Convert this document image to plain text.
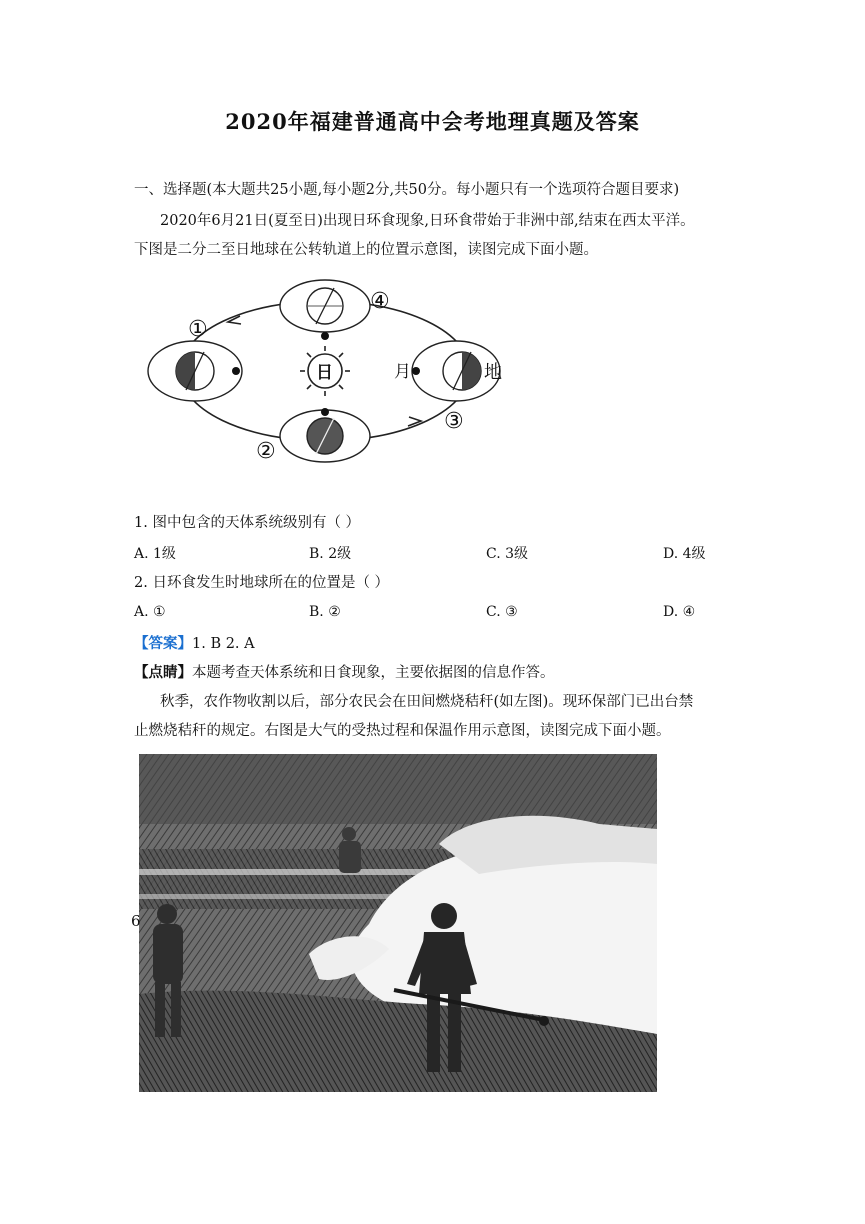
2020年福建普通高中会考地理真题及答案
一、选择题(本大题共25小题,每小题2分,共50分。每小题只有一个选项符合题目要求)
2020年6月21日(夏至日)出现日环食现象,日环食带始于非洲中部,结束在西太平洋。
下图是二分二至日地球在公转轨道上的位置示意图，读图完成下面小题。
④
①
②
③
日	月	地
1. 图中包含的天体系统级别有（ ）
A. 1级	B. 2级	C. 3级	D. 4级
2. 日环食发生时地球所在的位置是（ ）
A. ①	B. ②	C. ③	D. ④
【答案】1. B 2. A
【点睛】本题考查天体系统和日食现象，主要依据图的信息作答。
秋季，农作物收割以后，部分农民会在田间燃烧秸秆(如左图)。现环保部门已出台禁
止燃烧秸秆的规定。右图是大气的受热过程和保温作用示意图，读图完成下面小题。
6
